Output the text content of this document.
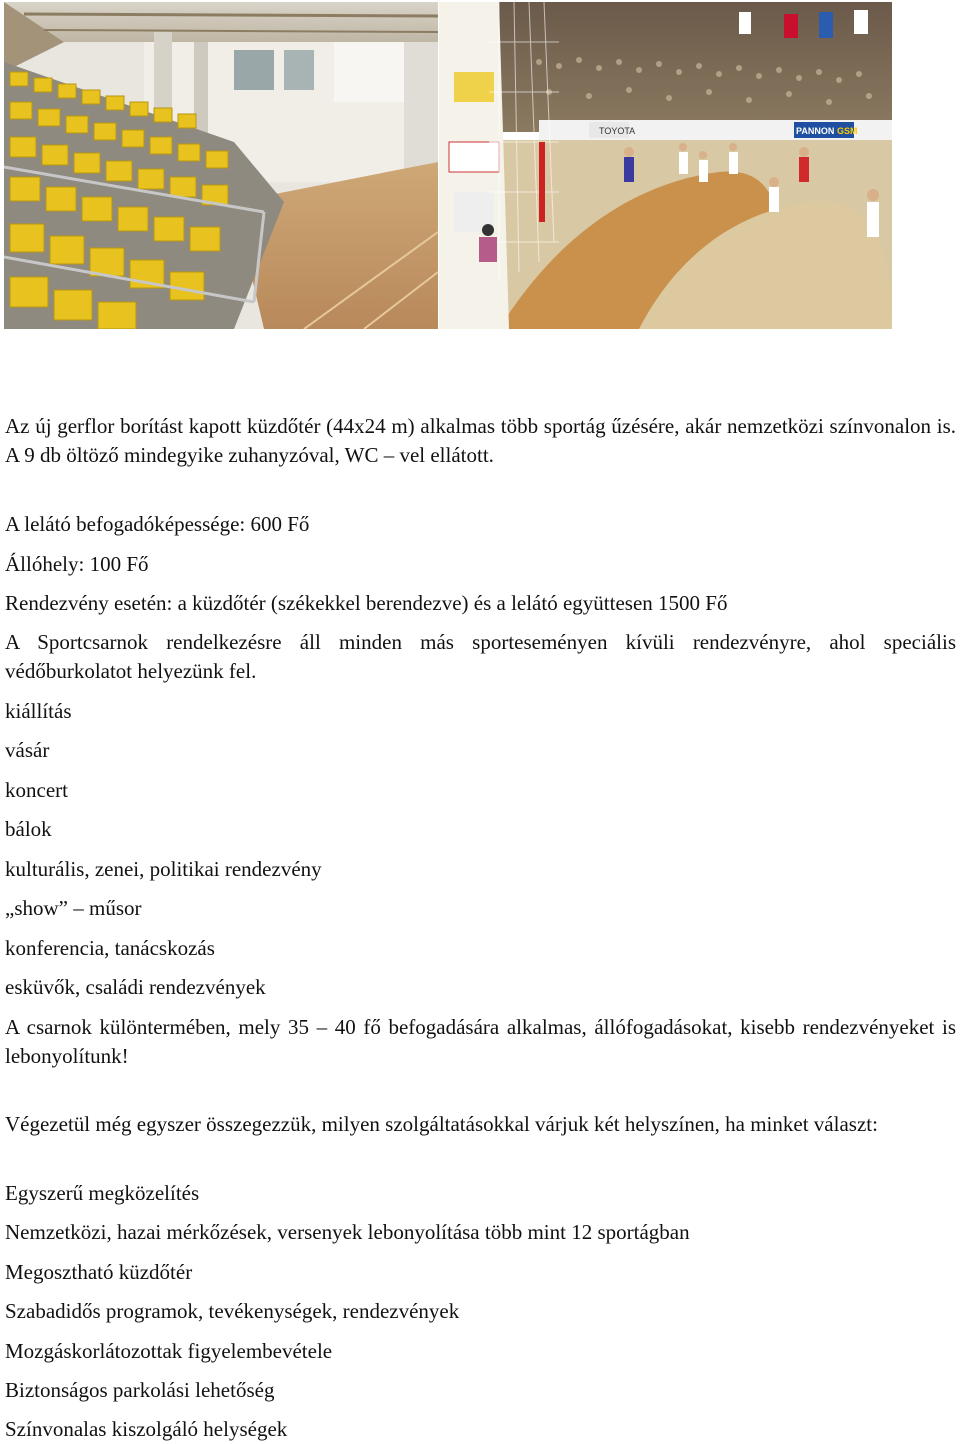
TOYOTA	PANNON GSM
Az új gerflor borítást kapott küzdőtér (44x24 m) alkalmas több sportág űzésére, akár nemzetközi színvonalon is. A 9 db öltöző mindegyike zuhanyzóval, WC – vel ellátott.
A lelátó befogadóképessége: 600 Fő
Állóhely: 100 Fő
Rendezvény esetén: a küzdőtér (székekkel berendezve) és a lelátó együttesen 1500 Fő
A Sportcsarnok rendelkezésre áll minden más sporteseményen kívüli rendezvényre, ahol speciális védőburkolatot helyezünk fel.
kiállítás
vásár
koncert
bálok
kulturális, zenei, politikai rendezvény
„show” – műsor
konferencia, tanácskozás
esküvők, családi rendezvények
A csarnok különtermében, mely 35 – 40 fő befogadására alkalmas, állófogadásokat, kisebb rendezvényeket is lebonyolítunk!
Végezetül még egyszer összegezzük, milyen szolgáltatásokkal várjuk két helyszínen, ha minket választ:
Egyszerű megközelítés
Nemzetközi, hazai mérkőzések, versenyek lebonyolítása több mint 12 sportágban
Megosztható küzdőtér
Szabadidős programok, tevékenységek, rendezvények
Mozgáskorlátozottak figyelembevétele
Biztonságos parkolási lehetőség
Színvonalas kiszolgáló helységek
